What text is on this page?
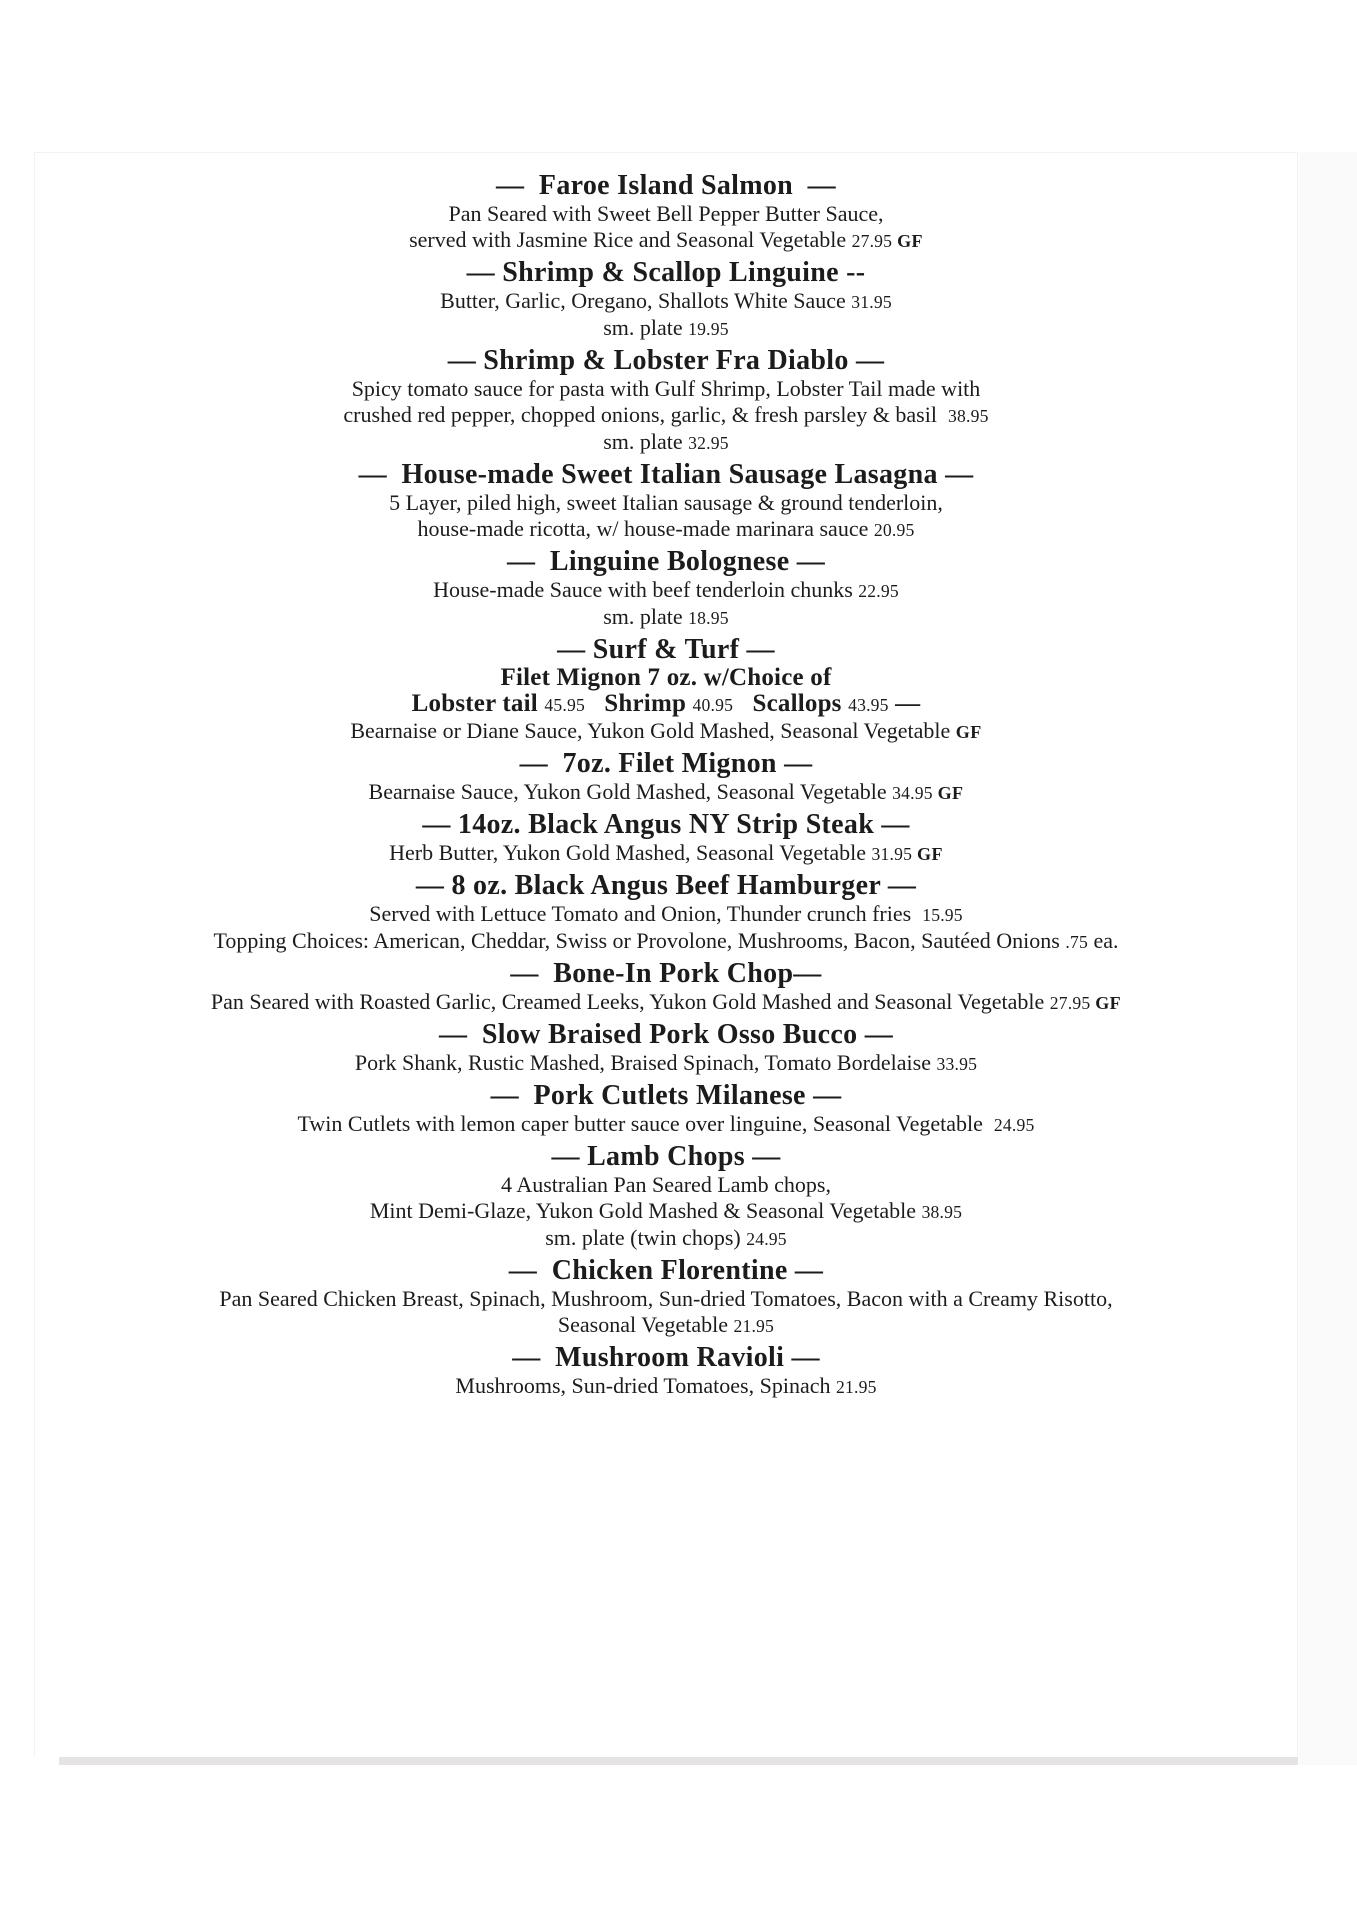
—  Faroe Island Salmon  —
Pan Seared with Sweet Bell Pepper Butter Sauce,
served with Jasmine Rice and Seasonal Vegetable 27.95 GF
— Shrimp & Scallop Linguine --
Butter, Garlic, Oregano, Shallots White Sauce 31.95
sm. plate 19.95
— Shrimp & Lobster Fra Diablo —
Spicy tomato sauce for pasta with Gulf Shrimp, Lobster Tail made with
crushed red pepper, chopped onions, garlic, & fresh parsley & basil  38.95
sm. plate 32.95
—  House-made Sweet Italian Sausage Lasagna —
5 Layer, piled high, sweet Italian sausage & ground tenderloin,
house-made ricotta, w/ house-made marinara sauce 20.95
—  Linguine Bolognese —
House-made Sauce with beef tenderloin chunks 22.95
sm. plate 18.95
— Surf & Turf —
Filet Mignon 7 oz. w/Choice of
Lobster tail 45.95   Shrimp 40.95   Scallops 43.95 —
Bearnaise or Diane Sauce, Yukon Gold Mashed, Seasonal Vegetable GF
—  7oz. Filet Mignon —
Bearnaise Sauce, Yukon Gold Mashed, Seasonal Vegetable 34.95 GF
— 14oz. Black Angus NY Strip Steak —
Herb Butter, Yukon Gold Mashed, Seasonal Vegetable 31.95 GF
— 8 oz. Black Angus Beef Hamburger —
Served with Lettuce Tomato and Onion, Thunder crunch fries  15.95
Topping Choices: American, Cheddar, Swiss or Provolone, Mushrooms, Bacon, Sautéed Onions .75 ea.
—  Bone-In Pork Chop—
Pan Seared with Roasted Garlic, Creamed Leeks, Yukon Gold Mashed and Seasonal Vegetable 27.95 GF
—  Slow Braised Pork Osso Bucco —
Pork Shank, Rustic Mashed, Braised Spinach, Tomato Bordelaise 33.95
—  Pork Cutlets Milanese —
Twin Cutlets with lemon caper butter sauce over linguine, Seasonal Vegetable  24.95
— Lamb Chops —
4 Australian Pan Seared Lamb chops,
Mint Demi-Glaze, Yukon Gold Mashed & Seasonal Vegetable 38.95
sm. plate (twin chops) 24.95
—  Chicken Florentine —
Pan Seared Chicken Breast, Spinach, Mushroom, Sun-dried Tomatoes, Bacon with a Creamy Risotto,
Seasonal Vegetable 21.95
—  Mushroom Ravioli —
Mushrooms, Sun-dried Tomatoes, Spinach 21.95
